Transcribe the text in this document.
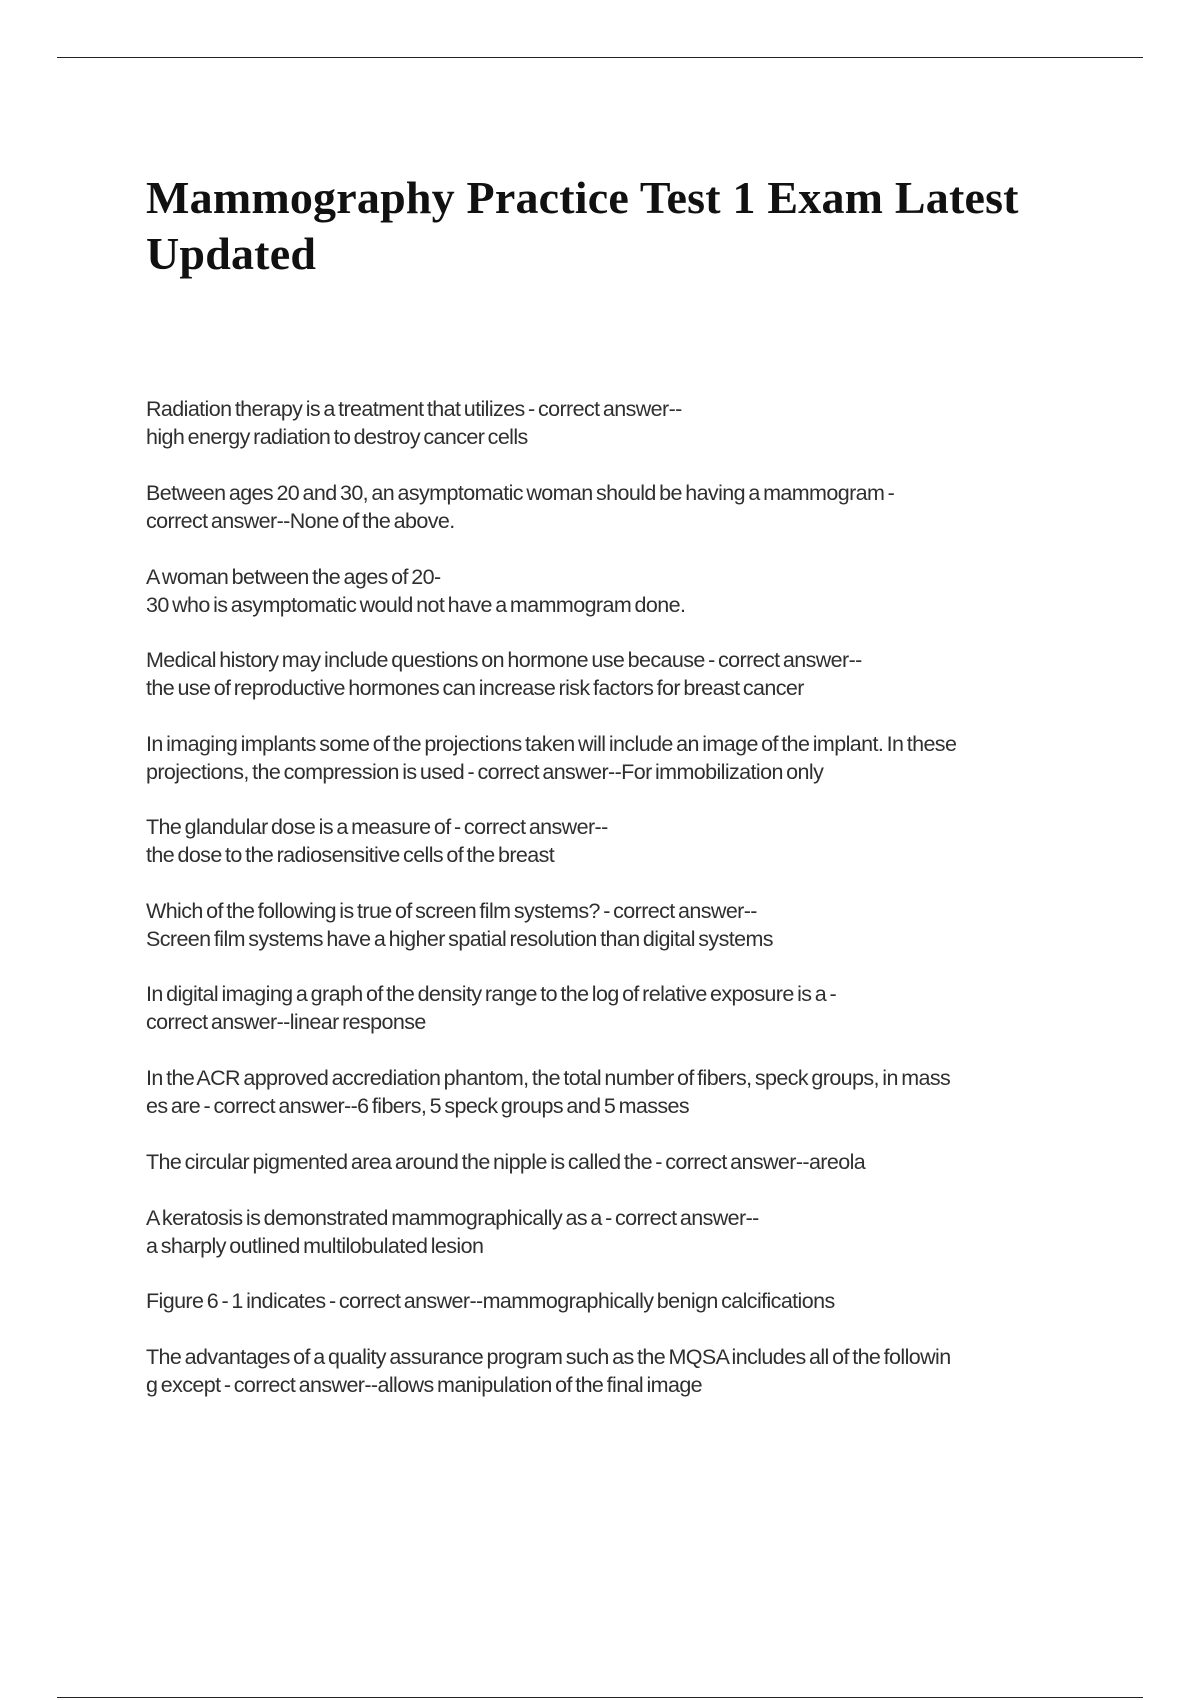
Mammography Practice Test 1 Exam Latest
Updated
Radiation therapy is a treatment that utilizes - correct answer--
high energy radiation to destroy cancer cells
Between ages 20 and 30, an asymptomatic woman should be having a mammogram -
correct answer--None of the above.
A woman between the ages of 20-
30 who is asymptomatic would not have a mammogram done.
Medical history may include questions on hormone use because - correct answer--
the use of reproductive hormones can increase risk factors for breast cancer
In imaging implants some of the projections taken will include an image of the implant. In these
projections, the compression is used - correct answer--For immobilization only
The glandular dose is a measure of - correct answer--
the dose to the radiosensitive cells of the breast
Which of the following is true of screen film systems? - correct answer--
Screen film systems have a higher spatial resolution than digital systems
In digital imaging a graph of the density range to the log of relative exposure is a -
correct answer--linear response
In the ACR approved accrediation phantom, the total number of fibers, speck groups, in mass
es are - correct answer--6 fibers, 5 speck groups and 5 masses
The circular pigmented area around the nipple is called the - correct answer--areola
A keratosis is demonstrated mammographically as a - correct answer--
a sharply outlined multilobulated lesion
Figure 6 - 1 indicates - correct answer--mammographically benign calcifications
The advantages of a quality assurance program such as the MQSA includes all of the followin
g except - correct answer--allows manipulation of the final image
